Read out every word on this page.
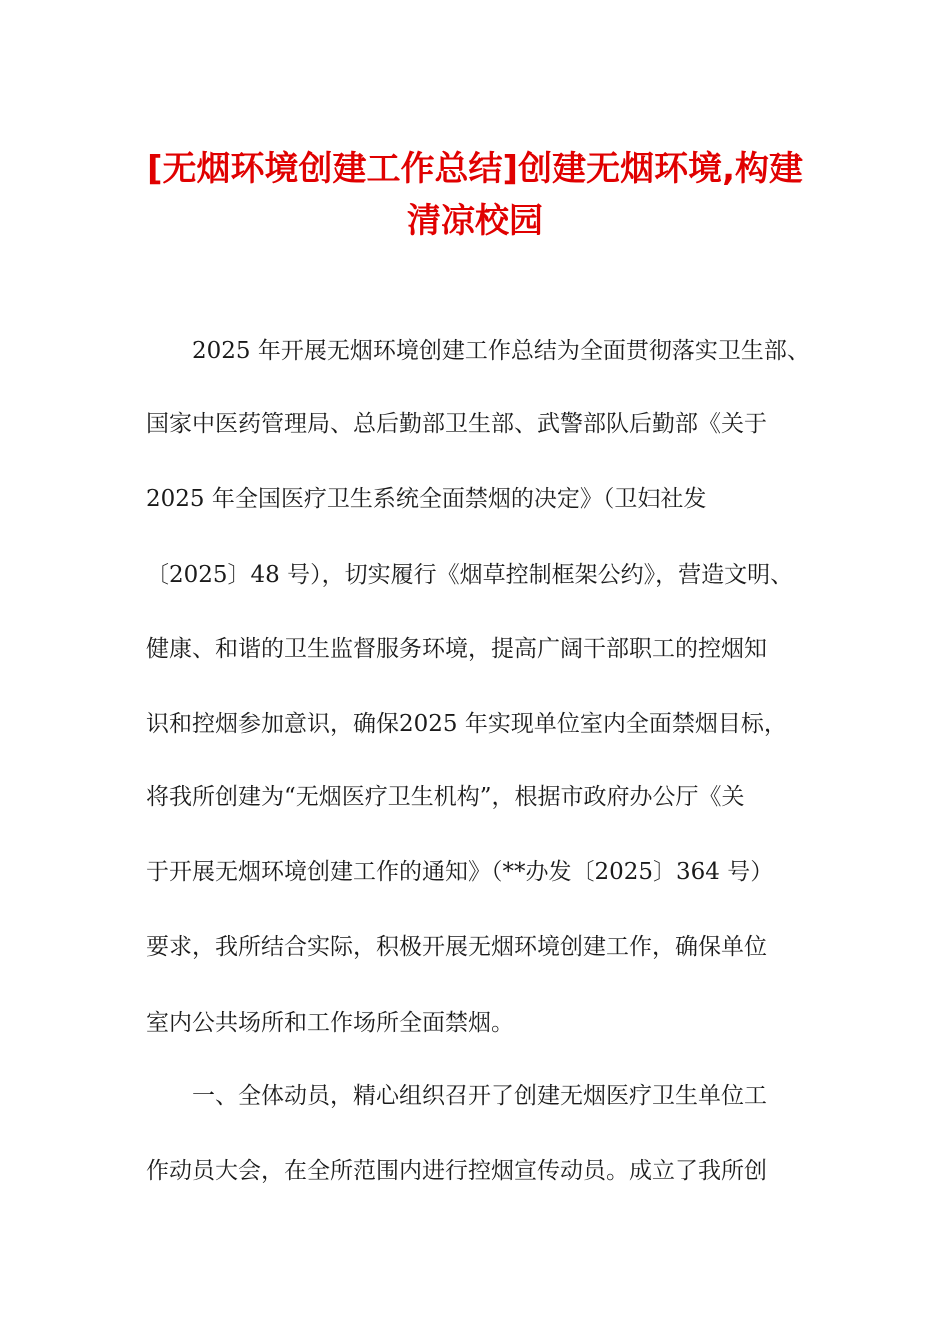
[无烟环境创建工作总结]创建无烟环境,构建
清凉校园
2025 年开展无烟环境创建工作总结为全面贯彻落实卫生部、
国家中医药管理局、总后勤部卫生部、武警部队后勤部《关于
2025 年全国医疗卫生系统全面禁烟的决定》（卫妇社发
〔2025〕48 号），切实履行《烟草控制框架公约》，营造文明、
健康、和谐的卫生监督服务环境，提高广阔干部职工的控烟知
识和控烟参加意识，确保2025 年实现单位室内全面禁烟目标，
将我所创建为“无烟医疗卫生机构”，根据市政府办公厅《关
于开展无烟环境创建工作的通知》（**办发〔2025〕364 号）
要求，我所结合实际，积极开展无烟环境创建工作，确保单位
室内公共场所和工作场所全面禁烟。
一、全体动员，精心组织召开了创建无烟医疗卫生单位工
作动员大会，在全所范围内进行控烟宣传动员。成立了我所创
